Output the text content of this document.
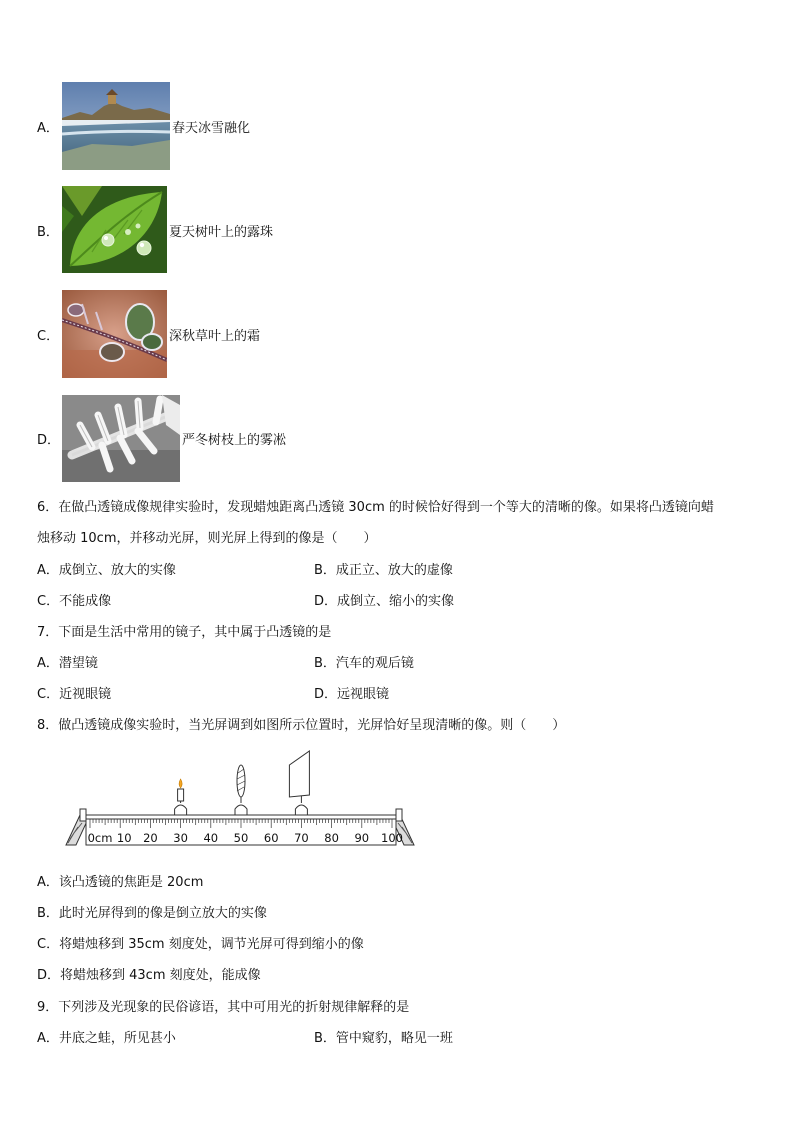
A．	春天冰雪融化
B．	夏天树叶上的露珠
C．	深秋草叶上的霜
D．	严冬树枝上的雾凇
6．在做凸透镜成像规律实验时，发现蜡烛距离凸透镜 30cm 的时候恰好得到一个等大的清晰的像。如果将凸透镜向蜡
烛移动 10cm，并移动光屏，则光屏上得到的像是（　　）
A．成倒立、放大的实像	B．成正立、放大的虚像
C．不能成像	D．成倒立、缩小的实像
7．下面是生活中常用的镜子，其中属于凸透镜的是
A．潜望镜	B．汽车的观后镜
C．近视眼镜	D．远视眼镜
8．做凸透镜成像实验时，当光屏调到如图所示位置时，光屏恰好呈现清晰的像。则（　　）
0cm 10 20 30 40 50 60 70 80 90 100
A．该凸透镜的焦距是 20cm
B．此时光屏得到的像是倒立放大的实像
C．将蜡烛移到 35cm 刻度处，调节光屏可得到缩小的像
D．将蜡烛移到 43cm 刻度处，能成像
9．下列涉及光现象的民俗谚语，其中可用光的折射规律解释的是
A．井底之蛙，所见甚小	B．管中窥豹，略见一班
